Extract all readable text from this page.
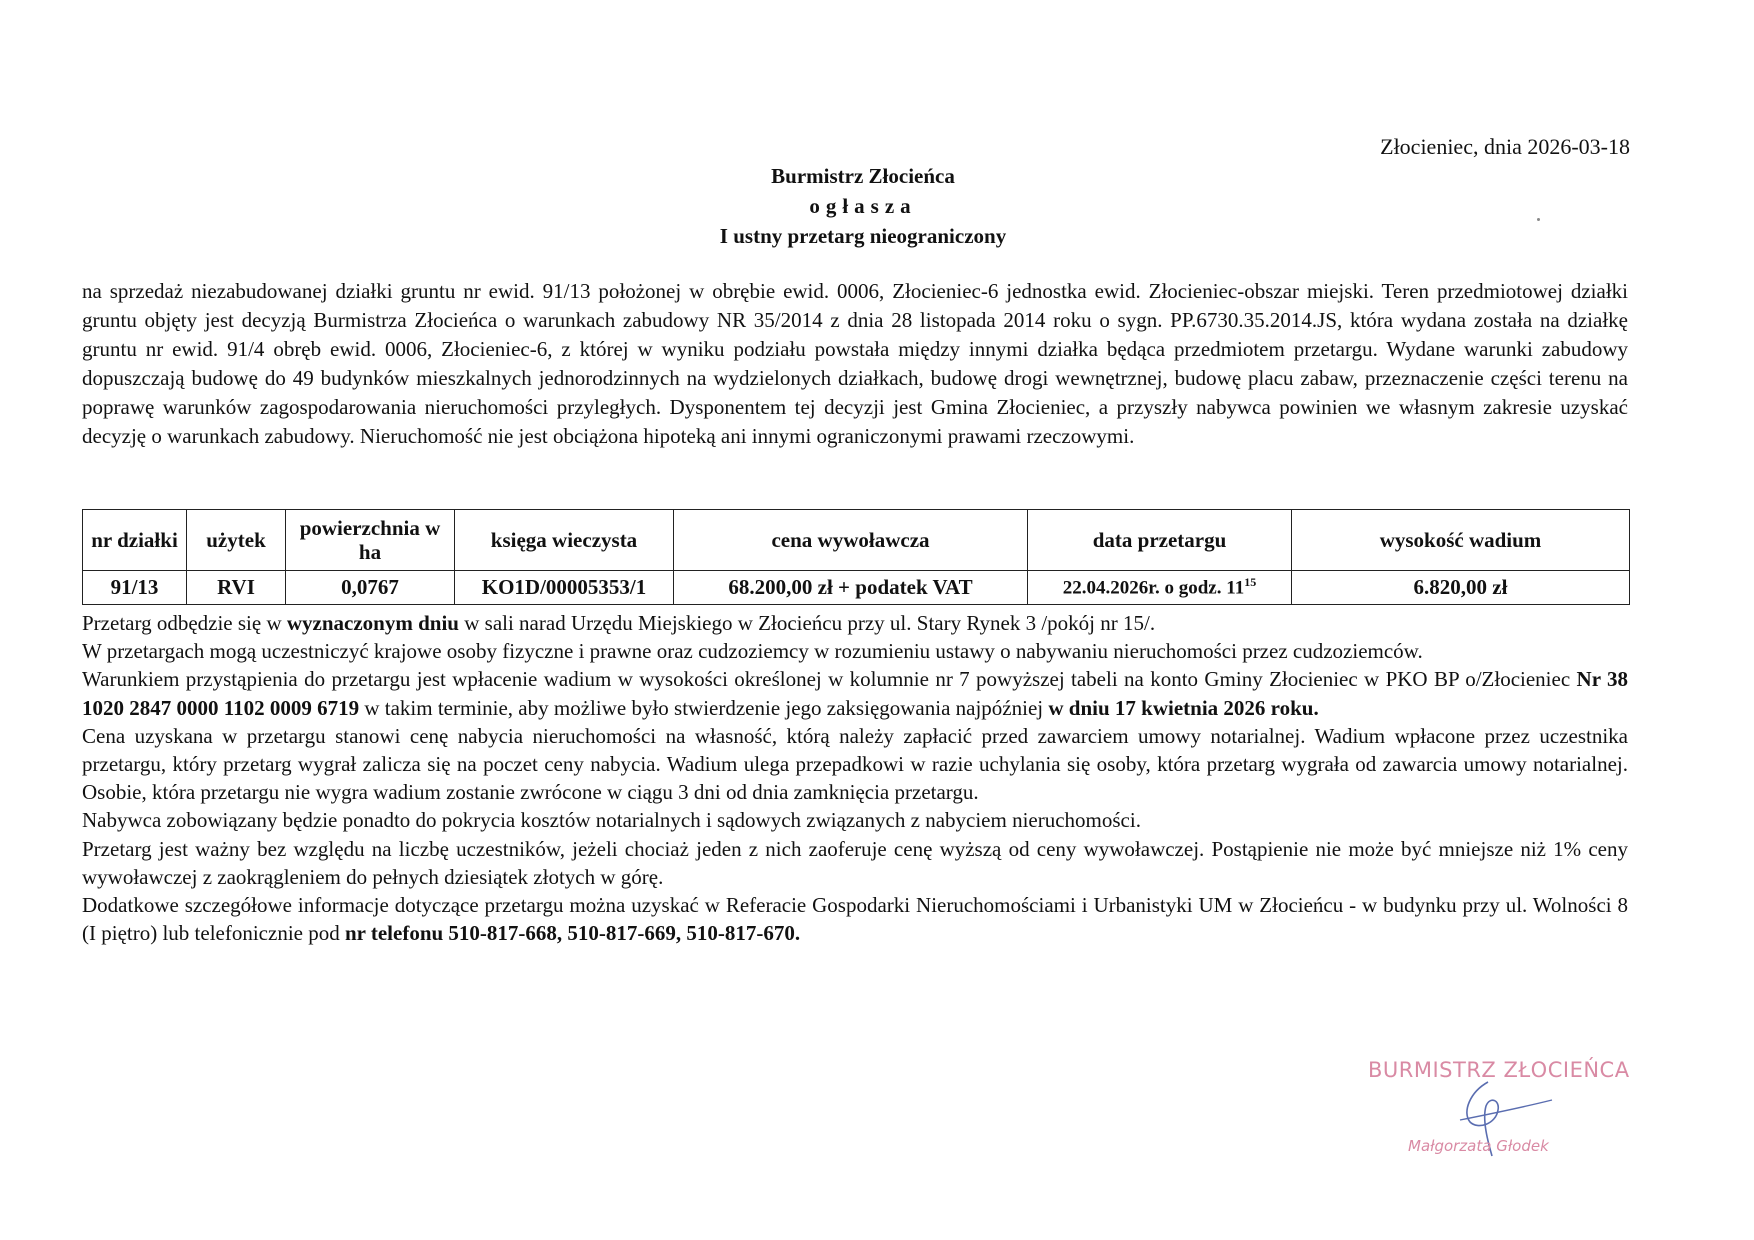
Złocieniec, dnia 2026-03-18
Burmistrz Złocieńca
ogłasza
I ustny przetarg nieograniczony
na sprzedaż niezabudowanej działki gruntu nr ewid. 91/13 położonej w obrębie ewid. 0006, Złocieniec-6 jednostka ewid. Złocieniec-obszar miejski. Teren przedmiotowej działki gruntu objęty jest decyzją Burmistrza Złocieńca o warunkach zabudowy NR 35/2014 z dnia 28 listopada 2014 roku o sygn. PP.6730.35.2014.JS, która wydana została na działkę gruntu nr ewid. 91/4 obręb ewid. 0006, Złocieniec-6, z której w wyniku podziału powstała między innymi działka będąca przedmiotem przetargu. Wydane warunki zabudowy dopuszczają budowę do 49 budynków mieszkalnych jednorodzinnych na wydzielonych działkach, budowę drogi wewnętrznej, budowę placu zabaw, przeznaczenie części terenu na poprawę warunków zagospodarowania nieruchomości przyległych. Dysponentem tej decyzji jest Gmina Złocieniec, a przyszły nabywca powinien we własnym zakresie uzyskać decyzję o warunkach zabudowy. Nieruchomość nie jest obciążona hipoteką ani innymi ograniczonymi prawami rzeczowymi.
nr działki	użytek	powierzchnia w ha	księga wieczysta	cena wywoławcza	data przetargu	wysokość wadium
91/13	RVI	0,0767	KO1D/00005353/1	68.200,00 zł + podatek VAT	22.04.2026r. o godz. $11^{15}$	6.820,00 zł

Przetarg odbędzie się w wyznaczonym dniu w sali narad Urzędu Miejskiego w Złocieńcu przy ul. Stary Rynek 3 /pokój nr 15/.

W przetargach mogą uczestniczyć krajowe osoby fizyczne i prawne oraz cudzoziemcy w rozumieniu ustawy o nabywaniu nieruchomości przez cudzoziemców.

Warunkiem przystąpienia do przetargu jest wpłacenie wadium w wysokości określonej w kolumnie nr 7 powyższej tabeli na konto Gminy Złocieniec w PKO BP o/Złocieniec Nr 38 1020 2847 0000 1102 0009 6719 w takim terminie, aby możliwe było stwierdzenie jego zaksięgowania najpóźniej w dniu 17 kwietnia 2026 roku.

Cena uzyskana w przetargu stanowi cenę nabycia nieruchomości na własność, którą należy zapłacić przed zawarciem umowy notarialnej. Wadium wpłacone przez uczestnika przetargu, który przetarg wygrał zalicza się na poczet ceny nabycia. Wadium ulega przepadkowi w razie uchylania się osoby, która przetarg wygrała od zawarcia umowy notarialnej. Osobie, która przetargu nie wygra wadium zostanie zwrócone w ciągu 3 dni od dnia zamknięcia przetargu.

Nabywca zobowiązany będzie ponadto do pokrycia kosztów notarialnych i sądowych związanych z nabyciem nieruchomości.

Przetarg jest ważny bez względu na liczbę uczestników, jeżeli chociaż jeden z nich zaoferuje cenę wyższą od ceny wywoławczej. Postąpienie nie może być mniejsze niż 1% ceny wywoławczej z zaokrągleniem do pełnych dziesiątek złotych w górę.

Dodatkowe szczegółowe informacje dotyczące przetargu można uzyskać w Referacie Gospodarki Nieruchomościami i Urbanistyki UM w Złocieńcu - w budynku przy ul. Wolności 8 (I piętro) lub telefonicznie pod nr telefonu 510-817-668, 510-817-669, 510-817-670.

BURMISTRZ ZŁOCIEŃCA
Małgorzata Głodek
